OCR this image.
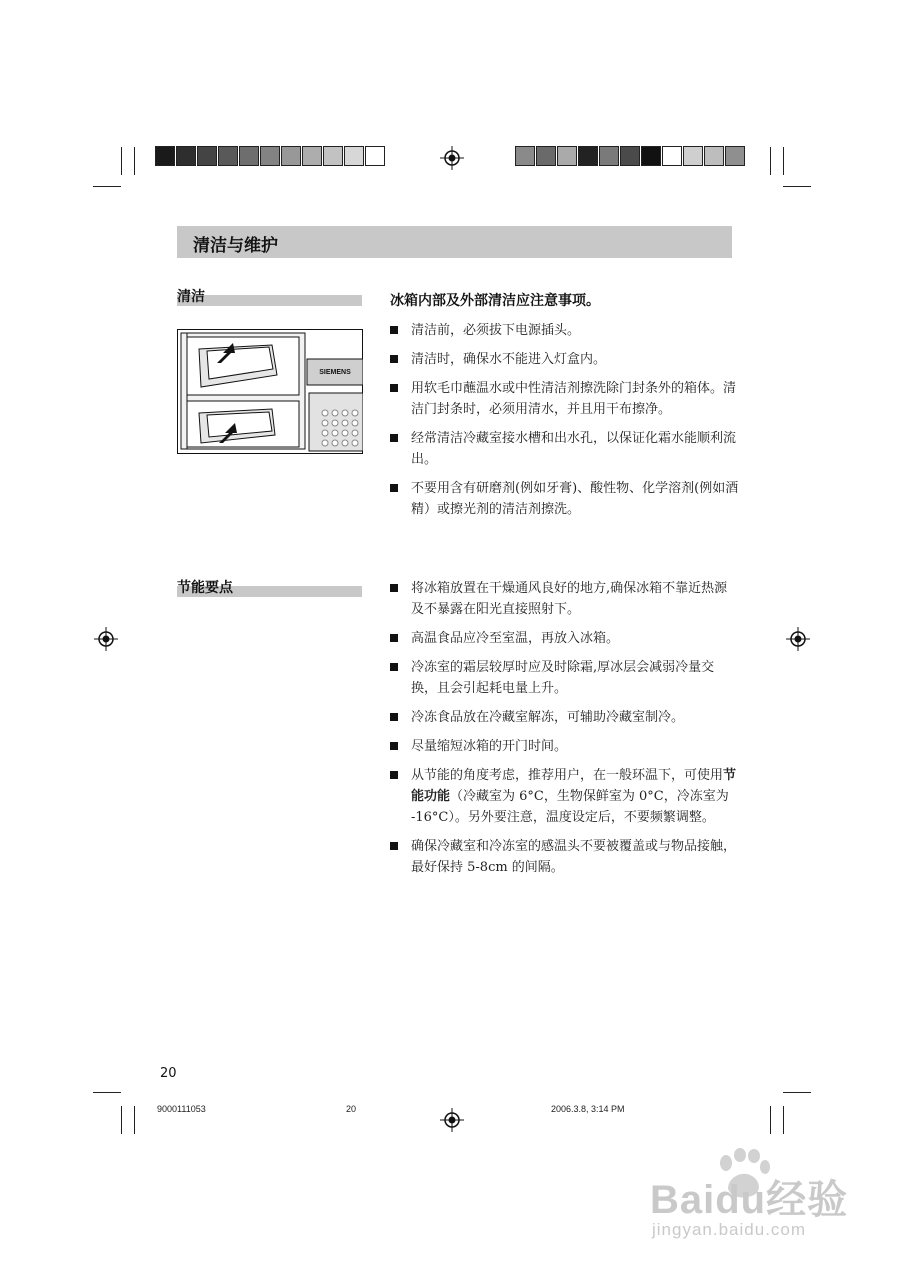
清洁与维护
清洁
SIEMENS
冰箱内部及外部清洁应注意事项。
清洁前，必须拔下电源插头。
清洁时，确保水不能进入灯盒内。
用软毛巾蘸温水或中性清洁剂擦洗除门封条外的箱体。清洁门封条时，必须用清水，并且用干布擦净。
经常清洁冷藏室接水槽和出水孔，以保证化霜水能顺利流出。
不要用含有研磨剂(例如牙膏)、酸性物、化学溶剂(例如酒精）或擦光剂的清洁剂擦洗。
节能要点	将冰箱放置在干燥通风良好的地方,确保冰箱不靠近热源及不暴露在阳光直接照射下。
高温食品应冷至室温，再放入冰箱。
冷冻室的霜层较厚时应及时除霜,厚冰层会减弱冷量交换，且会引起耗电量上升。
冷冻食品放在冷藏室解冻，可辅助冷藏室制冷。
尽量缩短冰箱的开门时间。
从节能的角度考虑，推荐用户，在一般环温下，可使用节能功能（冷藏室为 6°C，生物保鲜室为 0°C，冷冻室为 -16°C）。另外要注意，温度设定后，不要频繁调整。
确保冷藏室和冷冻室的感温头不要被覆盖或与物品接触，最好保持 5-8cm 的间隔。
20
9000111053	20	2006.3.8, 3:14 PM
Baidu经验
jingyan.baidu.com
